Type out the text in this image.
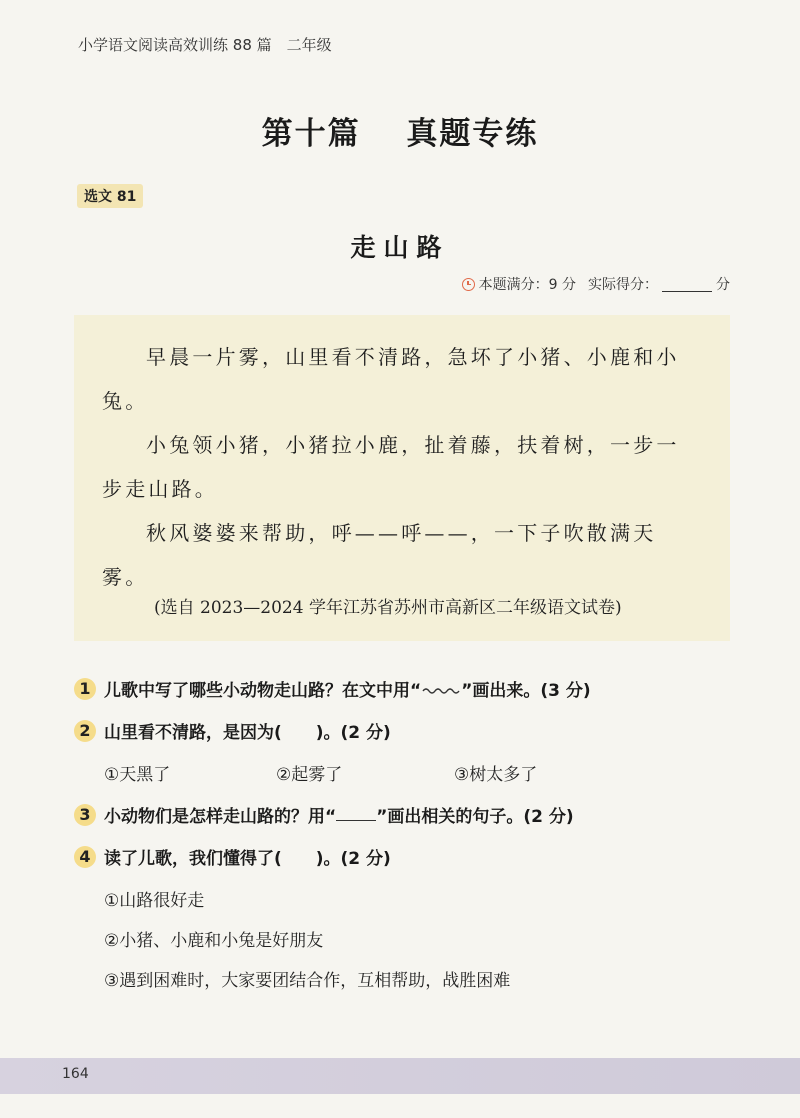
小学语文阅读高效训练 88 篇　二年级
第十篇　 真题专练
选文 81
走山路
本题满分：9 分 实际得分：	分

早晨一片雾，山里看不清路，急坏了小猪、小鹿和小兔。

小兔领小猪，小猪拉小鹿，扯着藤，扶着树，一步一步走山路。

秋风婆婆来帮助，呼——呼——，一下子吹散满天雾。

(选自 2023—2024 学年江苏省苏州市高新区二年级语文试卷)
1 儿歌中写了哪些小动物走山路？在文中用“ ”画出来。(3 分)
2 山里看不清路，是因为(　　)。(2 分)
①天黑了	②起雾了	③树太多了
3 小动物们是怎样走山路的？用“ ”画出相关的句子。(2 分)
4 读了儿歌，我们懂得了(　　)。(2 分)
①山路很好走
②小猪、小鹿和小兔是好朋友
③遇到困难时，大家要团结合作，互相帮助，战胜困难
164
